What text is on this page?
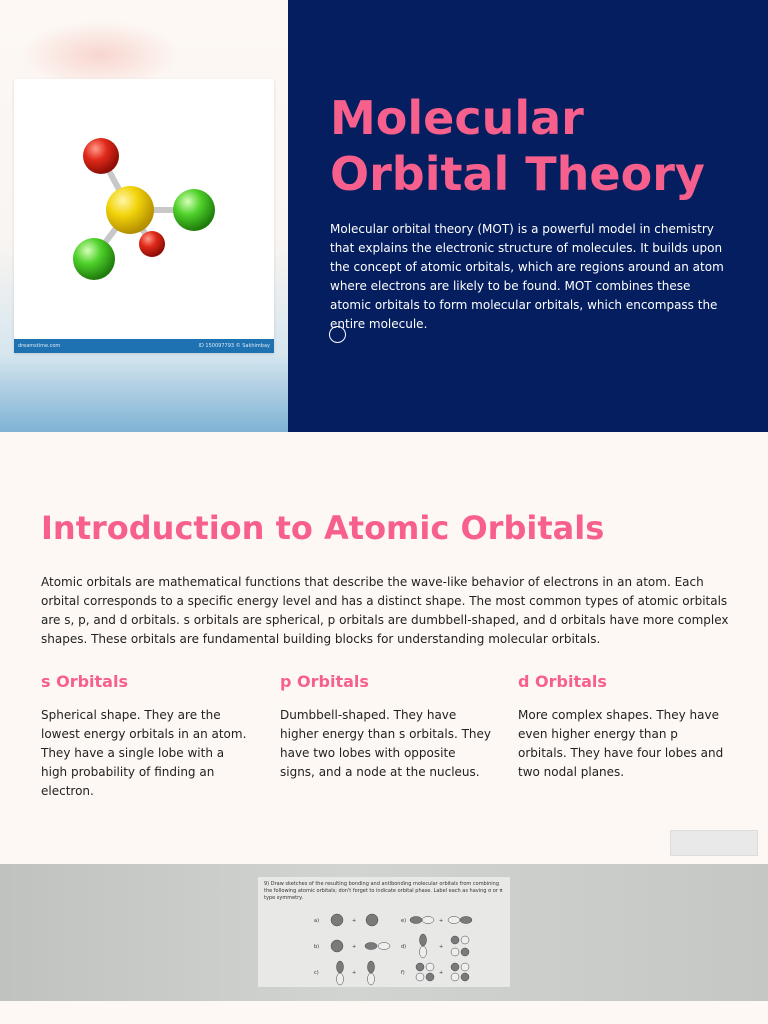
dreamstime.com	ID 150097793 © Sakhimbay
Molecular Orbital Theory

Molecular orbital theory (MOT) is a powerful model in chemistry that explains the electronic structure of molecules. It builds upon the concept of atomic orbitals, which are regions around an atom where electrons are likely to be found. MOT combines these atomic orbitals to form molecular orbitals, which encompass the entire molecule.

Introduction to Atomic Orbitals

Atomic orbitals are mathematical functions that describe the wave-like behavior of electrons in an atom. Each orbital corresponds to a specific energy level and has a distinct shape. The most common types of atomic orbitals are s, p, and d orbitals. s orbitals are spherical, p orbitals are dumbbell-shaped, and d orbitals have more complex shapes. These orbitals are fundamental building blocks for understanding molecular orbitals.

s Orbitals

Spherical shape. They are the lowest energy orbitals in an atom. They have a single lobe with a high probability of finding an electron.

p Orbitals

Dumbbell-shaped. They have higher energy than s orbitals. They have two lobes with opposite signs, and a node at the nucleus.

d Orbitals

More complex shapes. They have even higher energy than p orbitals. They have four lobes and two nodal planes.

9) Draw sketches of the resulting bonding and antibonding molecular orbitals from combining the following atomic orbitals; don't forget to indicate orbital phase. Label each as having σ or π type symmetry.
a)
b)
c)
e)
d)
f)
+
+
+
+
+
+
